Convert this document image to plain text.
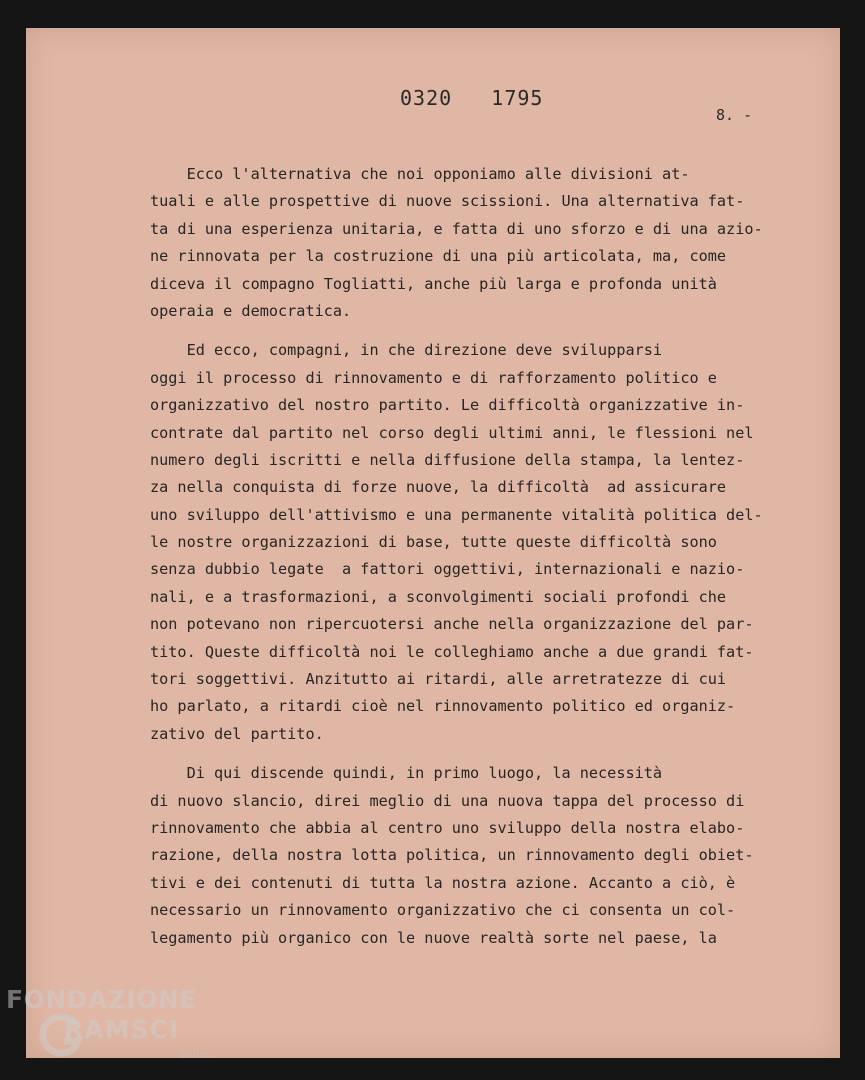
0320   1795
8. -
Ecco l'alternativa che noi opponiamo alle divisioni at-
tuali e alle prospettive di nuove scissioni. Una alternativa fat-
ta di una esperienza unitaria, e fatta di uno sforzo e di una azio-
ne rinnovata per la costruzione di una più articolata, ma, come
diceva il compagno Togliatti, anche più larga e profonda unità
operaia e democratica.
Ed ecco, compagni, in che direzione deve svilupparsi
oggi il processo di rinnovamento e di rafforzamento politico e
organizzativo del nostro partito. Le difficoltà organizzative in-
contrate dal partito nel corso degli ultimi anni, le flessioni nel
numero degli iscritti e nella diffusione della stampa, la lentez-
za nella conquista di forze nuove, la difficoltà  ad assicurare
uno sviluppo dell'attivismo e una permanente vitalità politica del-
le nostre organizzazioni di base, tutte queste difficoltà sono
senza dubbio legate  a fattori oggettivi, internazionali e nazio-
nali, e a trasformazioni, a sconvolgimenti sociali profondi che
non potevano non ripercuotersi anche nella organizzazione del par-
tito. Queste difficoltà noi le colleghiamo anche a due grandi fat-
tori soggettivi. Anzitutto ai ritardi, alle arretratezze di cui
ho parlato, a ritardi cioè nel rinnovamento politico ed organiz-
zativo del partito.
Di qui discende quindi, in primo luogo, la necessità
di nuovo slancio, direi meglio di una nuova tappa del processo di
rinnovamento che abbia al centro uno sviluppo della nostra elabo-
razione, della nostra lotta politica, un rinnovamento degli obiet-
tivi e dei contenuti di tutta la nostra azione. Accanto a ciò, è
necessario un rinnovamento organizzativo che ci consenta un col-
legamento più organico con le nuove realtà sorte nel paese, la
FONDAZIONE
RAMSCI
onlus
